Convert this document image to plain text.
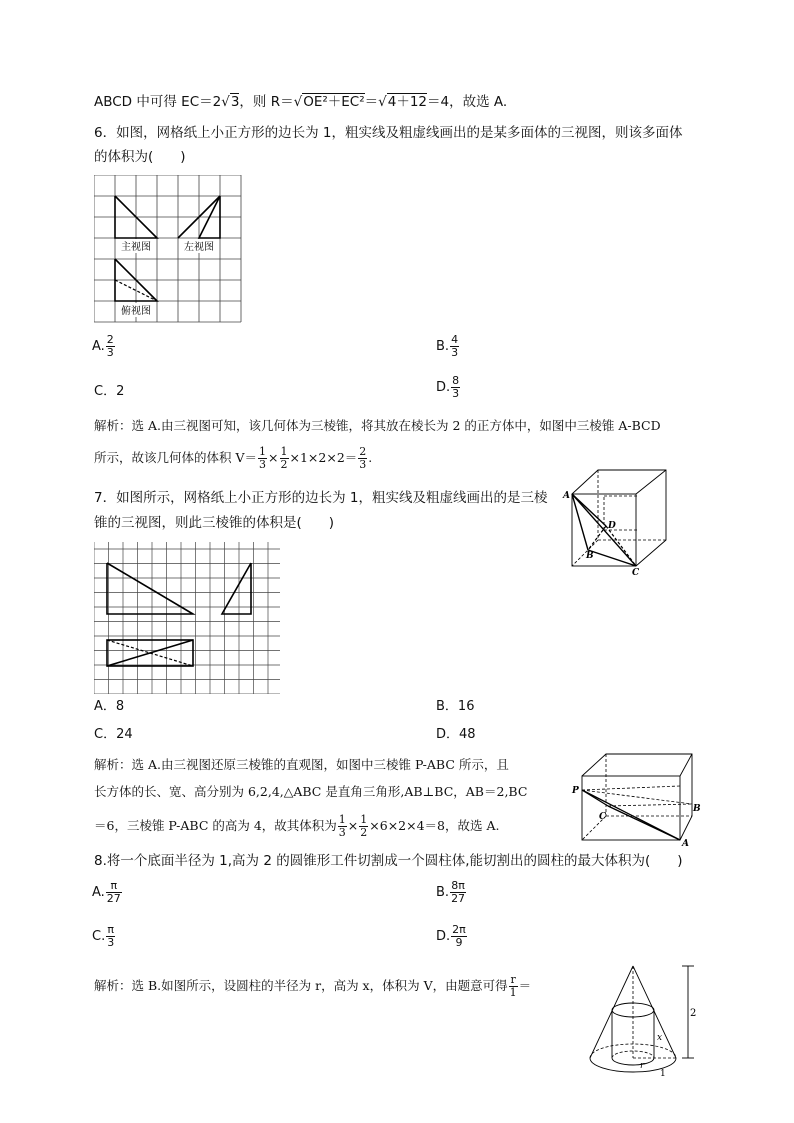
ABCD 中可得 EC＝2√3，则 R＝√OE²＋EC²＝√4＋12＝4，故选 A.
6．如图，网格纸上小正方形的边长为 1，粗实线及粗虚线画出的是某多面体的三视图，则该多面体
的体积为(　　)
主视图	左视图
俯视图
A. $\frac{2}{3}$	B. $\frac{4}{3}$
C．2	D. $\frac{8}{3}$
解析：选 A.由三视图可知，该几何体为三棱锥，将其放在棱长为 2 的正方体中，如图中三棱锥 A-BCD
所示，故该几何体的体积 $V= \frac{1}{3} \times \frac{1}{2} \times 1\times 2\times 2= \frac{2}{3}$ .
A
D
B
C
7．如图所示，网格纸上小正方形的边长为 1，粗实线及粗虚线画出的是三棱
锥的三视图，则此三棱锥的体积是(　　)
A．8	B．16
C．24	D．48
解析：选 A.由三视图还原三棱锥的直观图，如图中三棱锥 P-ABC 所示，且
长方体的长、宽、高分别为 6,2,4,△ABC 是直角三角形,AB⊥BC，AB＝2,BC
＝6，三棱锥 P-ABC 的高为 4，故其体积为 $\frac{1}{3} \times \frac{1}{2} \times 6\times 2\times 4=8$，故选 A.
P
C
B
A
8.将一个底面半径为 1,高为 2 的圆锥形工件切割成一个圆柱体,能切割出的圆柱的最大体积为(　　)
A. $\frac{\pi}{27}$	B. $\frac{8\pi}{27}$
C. $\frac{\pi}{3}$	D. $\frac{2\pi}{9}$
解析：选 B.如图所示，设圆柱的半径为 r，高为 x，体积为 V，由题意可得 $\frac{r}{1}$ ＝
2
x
r
1
